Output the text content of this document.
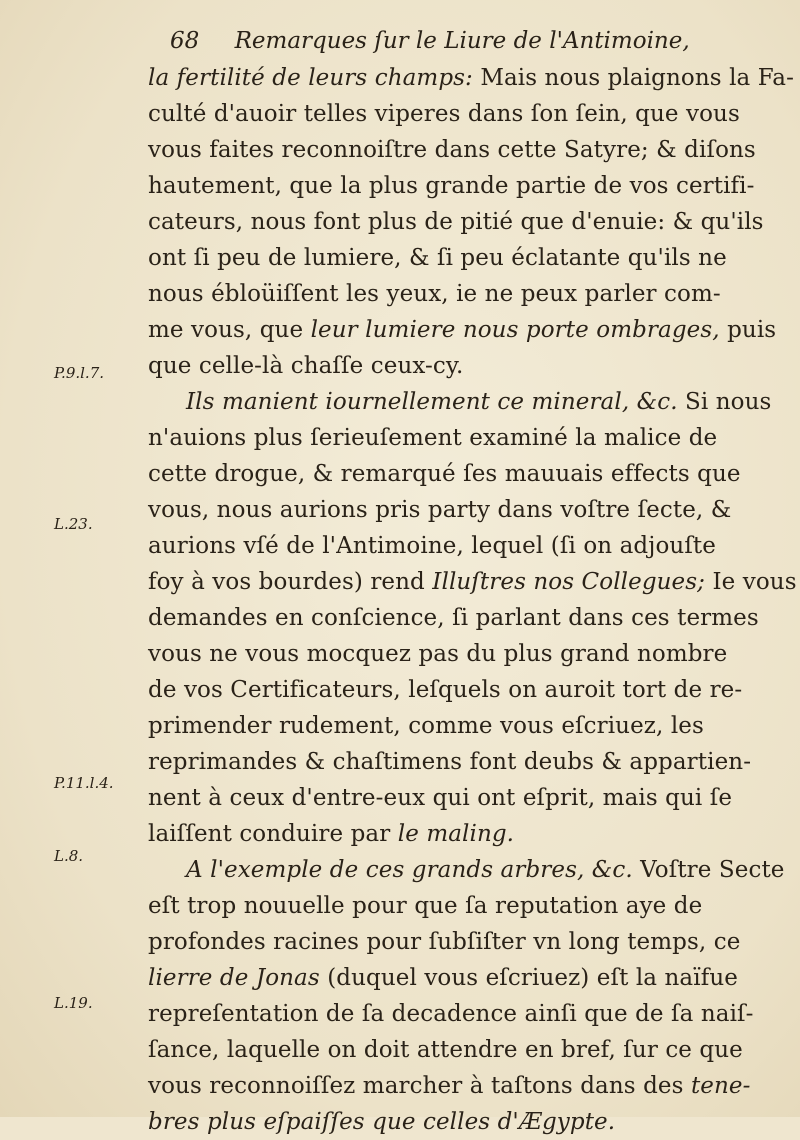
68 Remarques ſur le Liure de l'Antimoine,
P.9.l.7.
L.23.
P.11.l.4.
L.8.
L.19.
la fertilité de leurs champs: Mais nous plaignons la Fa-
culté d'auoir telles viperes dans ſon ſein, que vous
vous faites reconnoiſtre dans cette Satyre; & diſons
hautement, que la plus grande partie de vos certifi-
cateurs, nous font plus de pitié que d'enuie: & qu'ils
ont ſi peu de lumiere, & ſi peu éclatante qu'ils ne
nous ébloüiſſent les yeux, ie ne peux parler com-
me vous, que leur lumiere nous porte ombrages, puis
que celle-là chaſſe ceux-cy.
Ils manient iournellement ce mineral, &c. Si nous
n'auions plus ſerieuſement examiné la malice de
cette drogue, & remarqué ſes mauuais effects que
vous, nous aurions pris party dans voſtre ſecte, &
aurions vſé de l'Antimoine, lequel (ſi on adjouſte
foy à vos bourdes) rend Illuſtres nos Collegues; Ie vous
demandes en conſcience, ſi parlant dans ces termes
vous ne vous mocquez pas du plus grand nombre
de vos Certificateurs, leſquels on auroit tort de re-
primender rudement, comme vous eſcriuez, les
reprimandes & chaſtimens font deubs & appartien-
nent à ceux d'entre-eux qui ont eſprit, mais qui ſe
laiſſent conduire par le maling.
A l'exemple de ces grands arbres, &c. Voſtre Secte
eſt trop nouuelle pour que ſa reputation aye de
profondes racines pour ſubſiſter vn long temps, ce
lierre de Jonas (duquel vous eſcriuez) eſt la naïfue
repreſentation de ſa decadence ainſi que de ſa naiſ-
ſance, laquelle on doit attendre en bref, ſur ce que
vous reconnoiſſez marcher à taſtons dans des tene-
bres plus eſpaiſſes que celles d'Ægypte.
